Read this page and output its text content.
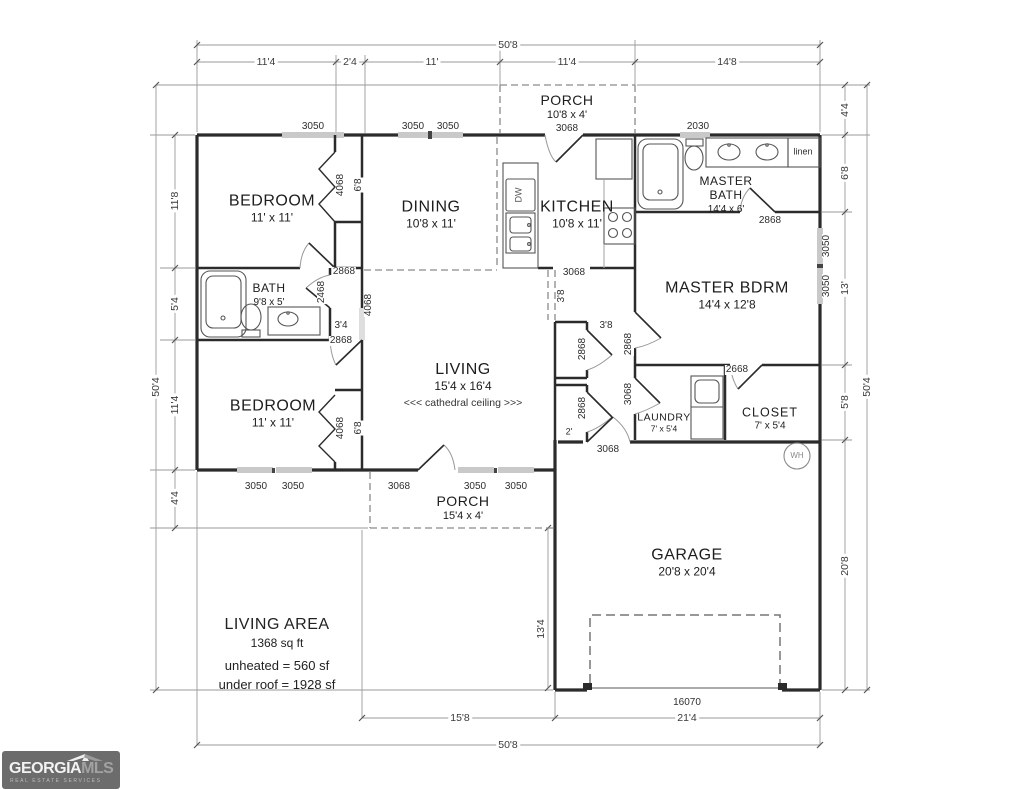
PORCH
10'8 x 4'
BEDROOM
11' x 11'
DINING
10'8 x 11'
KITCHEN
10'8 x 11'
MASTER BATH
14'4 x 6'
MASTER BDRM
14'4 x 12'8
BATH
9'8 x 5'
BEDROOM
11' x 11'
LIVING
15'4 x 16'4
<<< cathedral ceiling >>>
LAUNDRY
7' x 5'4
CLOSET
7' x 5'4
GARAGE
20'8 x 20'4
PORCH
15'4 x 4'
3050	3050 3050	3068	2030
4068 6'8
2868
2468
4068
3'4
2868
4068 6'8
2868
3050
3050
2668
2868
3068
2868
2868
2'
3'8
3'8
3068
3050 3050	3068	3050 3050
3068
16070
linen
WH
DW
50'8
11'4	2'4	11'	11'4	14'8
50'4
11'8
5'4
11'4
4'4
4'4
6'8
13'
5'8
20'8
50'4
13'4
15'8	21'4
50'8
LIVING AREA
1368 sq ft
unheated = 560 sf
under roof = 1928 sf
GEORGIAMLS
REAL ESTATE SERVICES
